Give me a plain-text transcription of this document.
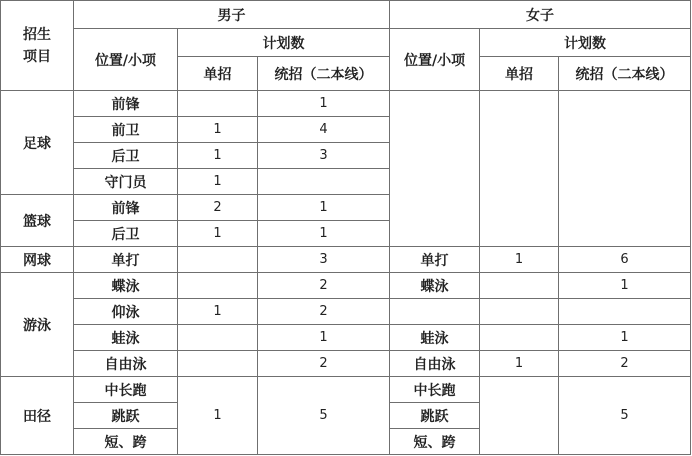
招生
项目	男子			女子		
	位置/小项	计划数		位置/小项	计划数	
		单招	统招（二本线）		单招	统招（二本线）
足球	前锋		1			
	前卫	1	4			
	后卫	1	3			
	守门员	1				
篮球	前锋	2	1			
	后卫	1	1			
网球	单打		3	单打	1	6
游泳	蝶泳		2	蝶泳		1
	仰泳	1	2			
	蛙泳		1	蛙泳		1
	自由泳		2	自由泳	1	2
田径	中长跑	1	5	中长跑		5
	跳跃			跳跃		
	短、跨			短、跨		
